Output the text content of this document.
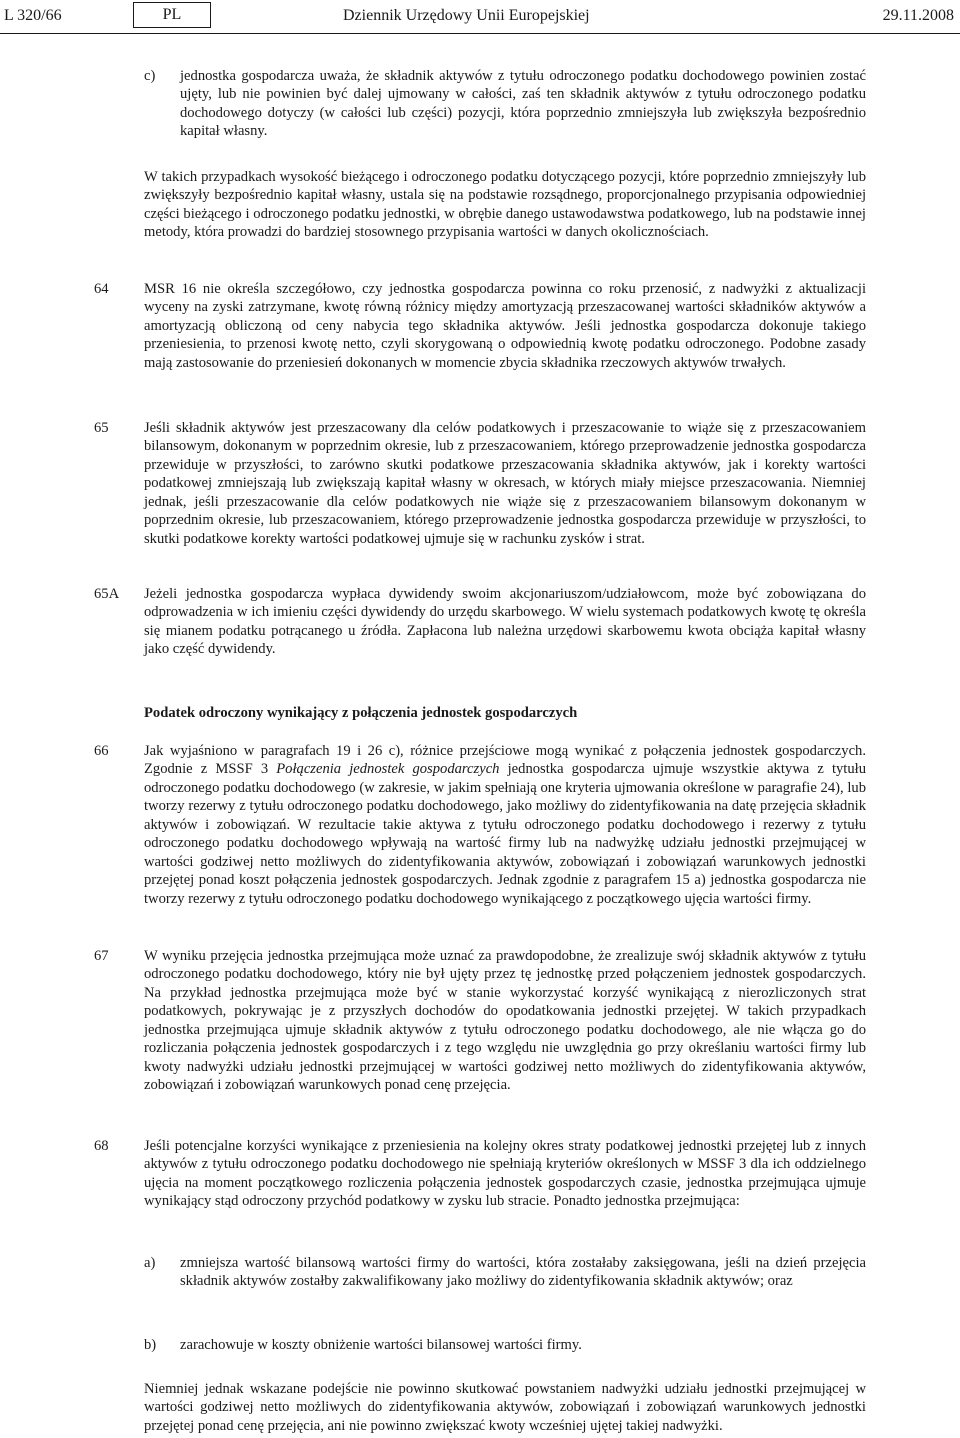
L 320/66	PL	Dziennik Urzędowy Unii Europejskiej	29.11.2008
c) jednostka gospodarcza uważa, że składnik aktywów z tytułu odroczonego podatku dochodowego powinien zostać ujęty, lub nie powinien być dalej ujmowany w całości, zaś ten składnik aktywów z tytułu odroczonego podatku dochodowego dotyczy (w całości lub części) pozycji, która poprzednio zmniejszyła lub zwiększyła bezpośrednio kapitał własny.

W takich przypadkach wysokość bieżącego i odroczonego podatku dotyczącego pozycji, które poprzednio zmniejszyły lub zwiększyły bezpośrednio kapitał własny, ustala się na podstawie rozsądnego, proporcjonalnego przypisania odpowiedniej części bieżącego i odroczonego podatku jednostki, w obrębie danego ustawodawstwa podatkowego, lub na podstawie innej metody, która prowadzi do bardziej stosownego przypisania wartości w danych okolicznościach.

64 MSR 16 nie określa szczegółowo, czy jednostka gospodarcza powinna co roku przenosić, z nadwyżki z aktualizacji wyceny na zyski zatrzymane, kwotę równą różnicy między amortyzacją przeszacowanej wartości składników aktywów a amortyzacją obliczoną od ceny nabycia tego składnika aktywów. Jeśli jednostka gospodarcza dokonuje takiego przeniesienia, to przenosi kwotę netto, czyli skorygowaną o odpowiednią kwotę podatku odroczonego. Podobne zasady mają zastosowanie do przeniesień dokonanych w momencie zbycia składnika rzeczowych aktywów trwałych.

65 Jeśli składnik aktywów jest przeszacowany dla celów podatkowych i przeszacowanie to wiąże się z przeszacowaniem bilansowym, dokonanym w poprzednim okresie, lub z przeszacowaniem, którego przeprowadzenie jednostka gospodarcza przewiduje w przyszłości, to zarówno skutki podatkowe przeszacowania składnika aktywów, jak i korekty wartości podatkowej zmniejszają lub zwiększają kapitał własny w okresach, w których miały miejsce przeszacowania. Niemniej jednak, jeśli przeszacowanie dla celów podatkowych nie wiąże się z przeszacowaniem bilansowym dokonanym w poprzednim okresie, lub przeszacowaniem, którego przeprowadzenie jednostka gospodarcza przewiduje w przyszłości, to skutki podatkowe korekty wartości podatkowej ujmuje się w rachunku zysków i strat.

65A Jeżeli jednostka gospodarcza wypłaca dywidendy swoim akcjonariuszom/udziałowcom, może być zobowiązana do odprowadzenia w ich imieniu części dywidendy do urzędu skarbowego. W wielu systemach podatkowych kwotę tę określa się mianem podatku potrącanego u źródła. Zapłacona lub należna urzędowi skarbowemu kwota obciąża kapitał własny jako część dywidendy.

Podatek odroczony wynikający z połączenia jednostek gospodarczych
66 Jak wyjaśniono w paragrafach 19 i 26 c), różnice przejściowe mogą wynikać z połączenia jednostek gospodarczych. Zgodnie z MSSF 3 Połączenia jednostek gospodarczych jednostka gospodarcza ujmuje wszystkie aktywa z tytułu odroczonego podatku dochodowego (w zakresie, w jakim spełniają one kryteria ujmowania określone w paragrafie 24), lub tworzy rezerwy z tytułu odroczonego podatku dochodowego, jako możliwy do zidentyfikowania na datę przejęcia składnik aktywów i zobowiązań. W rezultacie takie aktywa z tytułu odroczonego podatku dochodowego i rezerwy z tytułu odroczonego podatku dochodowego wpływają na wartość firmy lub na nadwyżkę udziału jednostki przejmującej w wartości godziwej netto możliwych do zidentyfikowania aktywów, zobowiązań i zobowiązań warunkowych jednostki przejętej ponad koszt połączenia jednostek gospodarczych. Jednak zgodnie z paragrafem 15 a) jednostka gospodarcza nie tworzy rezerwy z tytułu odroczonego podatku dochodowego wynikającego z początkowego ujęcia wartości firmy.

67 W wyniku przejęcia jednostka przejmująca może uznać za prawdopodobne, że zrealizuje swój składnik aktywów z tytułu odroczonego podatku dochodowego, który nie był ujęty przez tę jednostkę przed połączeniem jednostek gospodarczych. Na przykład jednostka przejmująca może być w stanie wykorzystać korzyść wynikającą z nierozliczonych strat podatkowych, pokrywając je z przyszłych dochodów do opodatkowania jednostki przejętej. W takich przypadkach jednostka przejmująca ujmuje składnik aktywów z tytułu odroczonego podatku dochodowego, ale nie włącza go do rozliczania połączenia jednostek gospodarczych i z tego względu nie uwzględnia go przy określaniu wartości firmy lub kwoty nadwyżki udziału jednostki przejmującej w wartości godziwej netto możliwych do zidentyfikowania aktywów, zobowiązań i zobowiązań warunkowych ponad cenę przejęcia.

68 Jeśli potencjalne korzyści wynikające z przeniesienia na kolejny okres straty podatkowej jednostki przejętej lub z innych aktywów z tytułu odroczonego podatku dochodowego nie spełniają kryteriów określonych w MSSF 3 dla ich oddzielnego ujęcia na moment początkowego rozliczenia połączenia jednostek gospodarczych czasie, jednostka przejmująca ujmuje wynikający stąd odroczony przychód podatkowy w zysku lub stracie. Ponadto jednostka przejmująca:

a) zmniejsza wartość bilansową wartości firmy do wartości, która zostałaby zaksięgowana, jeśli na dzień przejęcia składnik aktywów zostałby zakwalifikowany jako możliwy do zidentyfikowania składnik aktywów; oraz

b) zarachowuje w koszty obniżenie wartości bilansowej wartości firmy.

Niemniej jednak wskazane podejście nie powinno skutkować powstaniem nadwyżki udziału jednostki przejmującej w wartości godziwej netto możliwych do zidentyfikowania aktywów, zobowiązań i zobowiązań warunkowych jednostki przejętej ponad cenę przejęcia, ani nie powinno zwiększać kwoty wcześniej ujętej takiej nadwyżki.
